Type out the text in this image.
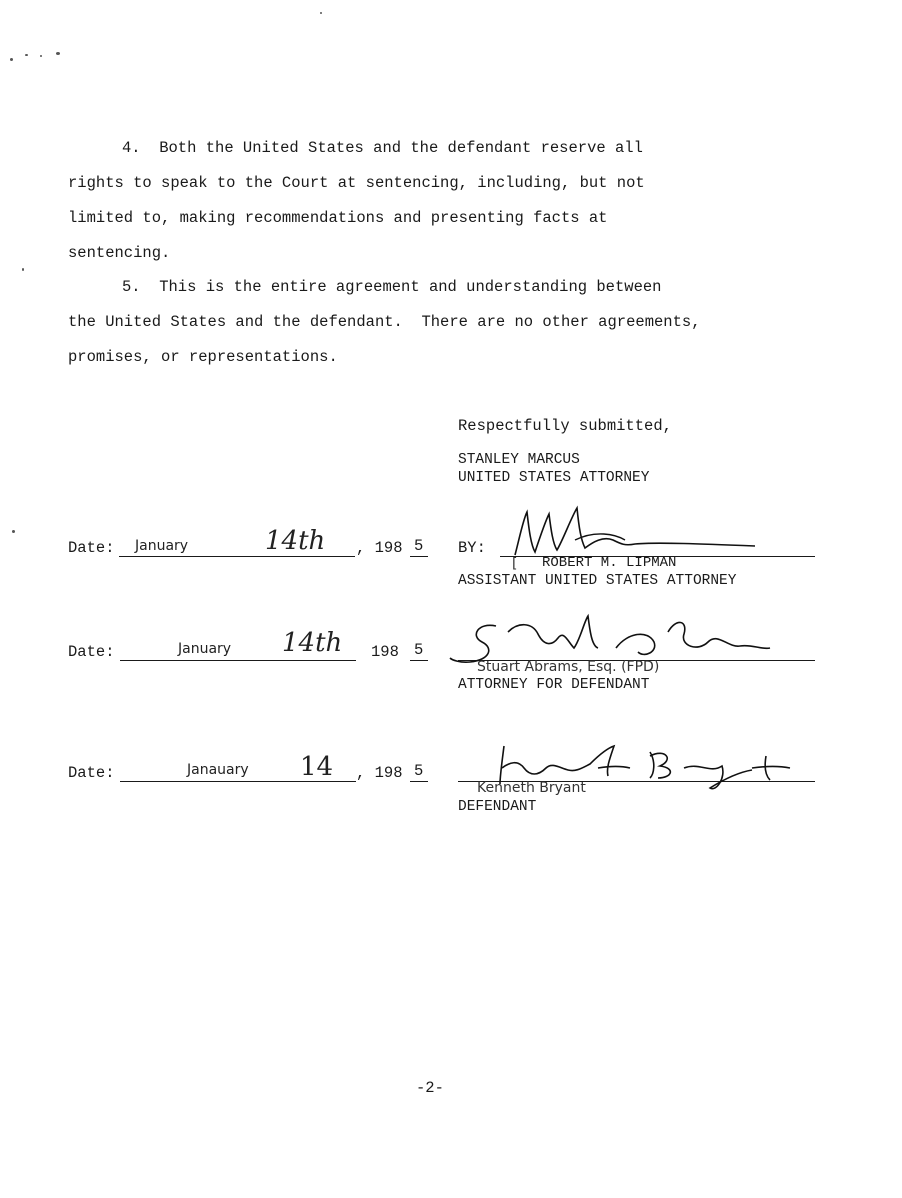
4.  Both the United States and the defendant reserve all
rights to speak to the Court at sentencing, including, but not
limited to, making recommendations and presenting facts at
sentencing.
5.  This is the entire agreement and understanding between
the United States and the defendant.  There are no other agreements,
promises, or representations.
Respectfully submitted,
STANLEY MARCUS
UNITED STATES ATTORNEY
Date: January	14th , 198 5 BY:
[ ROBERT M. LIPMAN
ASSISTANT UNITED STATES ATTORNEY
Date:	January 14th 198 5
Stuart Abrams, Esq. (FPD)
ATTORNEY FOR DEFENDANT
Date:	Janauary 14 , 198 5
Kenneth Bryant
DEFENDANT
-2-
